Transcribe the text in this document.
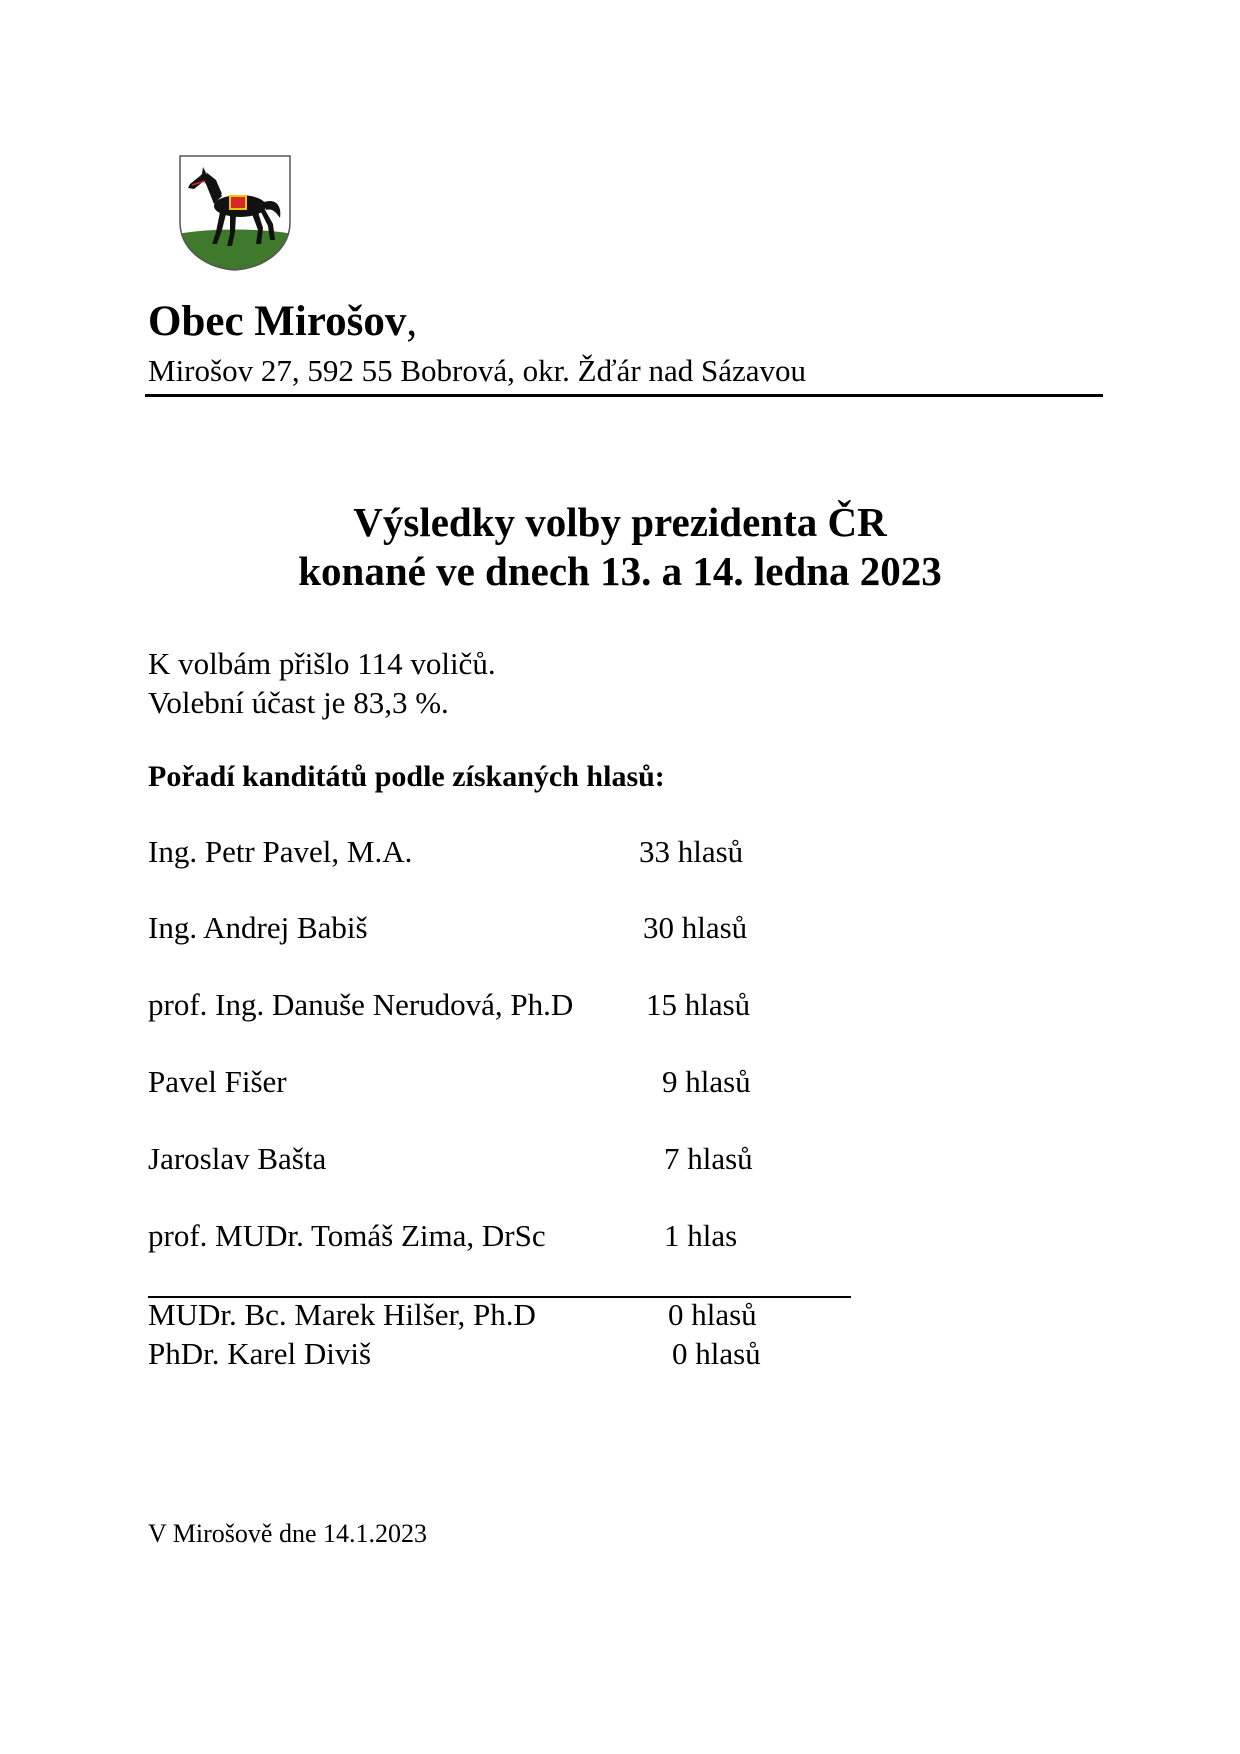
Obec Mirošov,
Mirošov 27, 592 55 Bobrová, okr. Žďár nad Sázavou
Výsledky volby prezidenta ČR
konané ve dnech 13. a 14. ledna 2023
K volbám přišlo 114 voličů.
Volební účast je 83,3 %.
Pořadí kanditátů podle získaných hlasů:
Ing. Petr Pavel, M.A.	33 hlasů
Ing. Andrej Babiš	30 hlasů
prof. Ing. Danuše Nerudová, Ph.D 15 hlasů
Pavel Fišer	9 hlasů
Jaroslav Bašta	7 hlasů
prof. MUDr. Tomáš Zima, DrSc	1 hlas
MUDr. Bc. Marek Hilšer, Ph.D	0 hlasů
PhDr. Karel Diviš	0 hlasů
V Mirošově dne 14.1.2023
